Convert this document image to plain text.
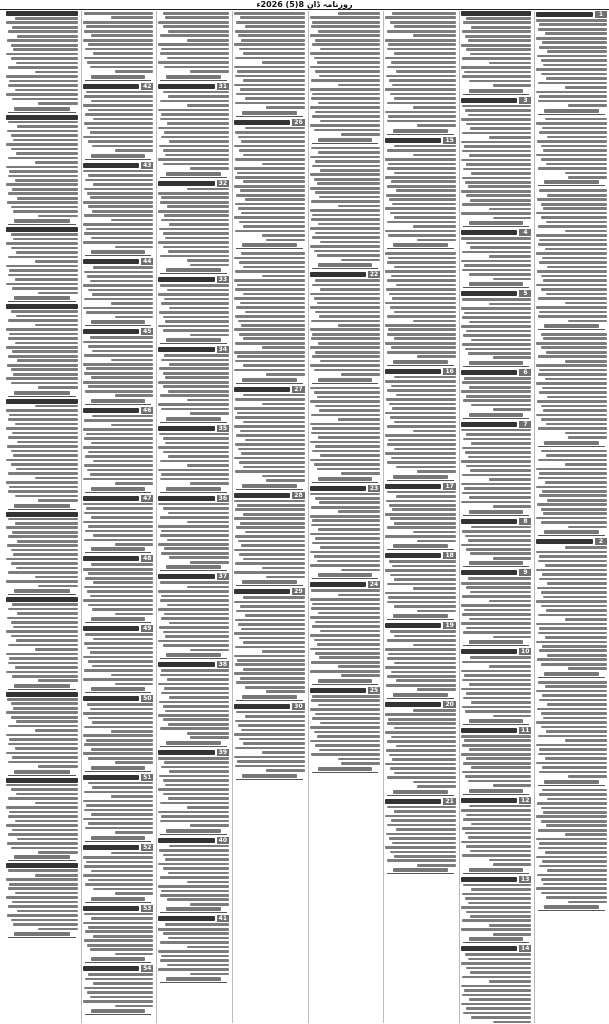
روزنامہ ڈان 8(5) 2026ء
1
2
3
4
5
6
7
8
9
10
11
12
13
14
15
16
17
18
19
20
21
22
23
24
25
26
27
28
29
30
31
32
33
34
35
36
37
38
39
40
41
42
43
44
45
46
47
48
49
50
51
52
53
54
